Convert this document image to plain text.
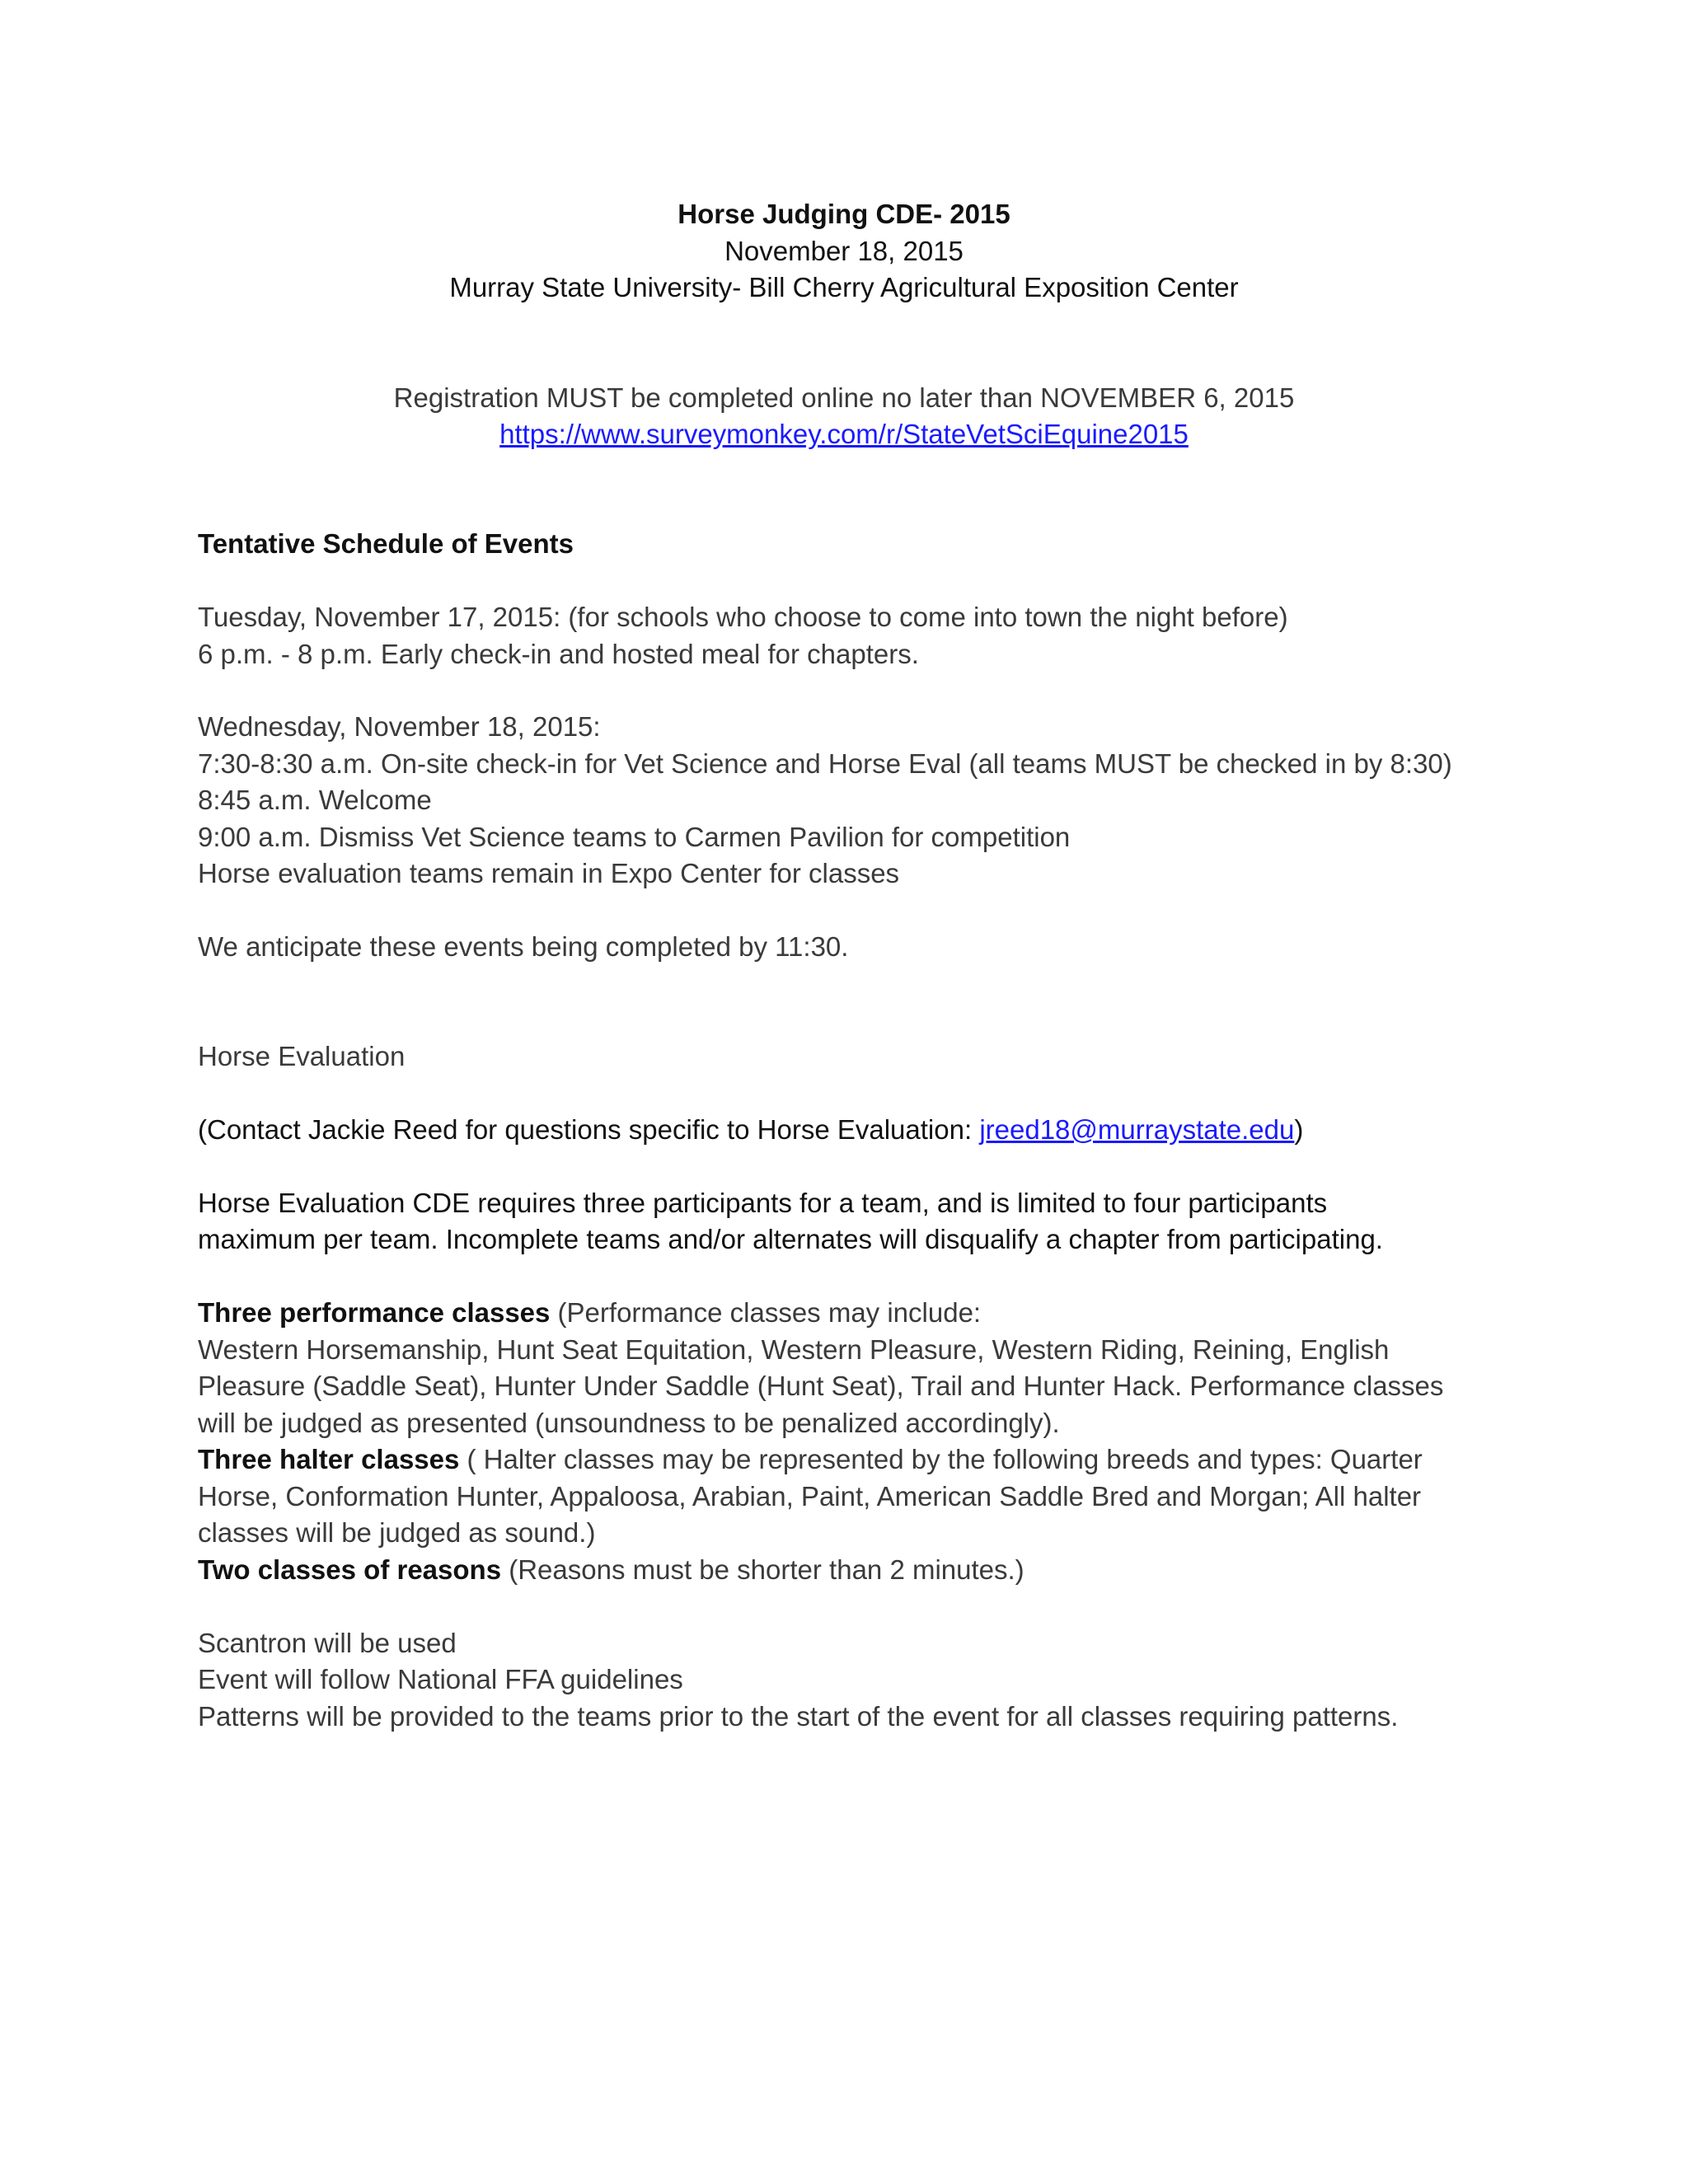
Horse Judging CDE- 2015
November 18, 2015
Murray State University- Bill Cherry Agricultural Exposition Center
Registration MUST be completed online no later than NOVEMBER 6, 2015
https://www.surveymonkey.com/r/StateVetSciEquine2015
Tentative Schedule of Events
Tuesday, November 17, 2015: (for schools who choose to come into town the night before)
6 p.m. - 8 p.m. Early check-in and hosted meal for chapters.
Wednesday, November 18, 2015:
7:30-8:30 a.m. On-site check-in for Vet Science and Horse Eval (all teams MUST be checked in by 8:30)
8:45 a.m. Welcome
9:00 a.m. Dismiss Vet Science teams to Carmen Pavilion for competition
Horse evaluation teams remain in Expo Center for classes
We anticipate these events being completed by 11:30.
Horse Evaluation
(Contact Jackie Reed for questions specific to Horse Evaluation: jreed18@murraystate.edu)
Horse Evaluation CDE requires three participants for a team, and is limited to four participants
maximum per team. Incomplete teams and/or alternates will disqualify a chapter from participating.
Three performance classes (Performance classes may include:
Western Horsemanship, Hunt Seat Equitation, Western Pleasure, Western Riding, Reining, English
Pleasure (Saddle Seat), Hunter Under Saddle (Hunt Seat), Trail and Hunter Hack. Performance classes
will be judged as presented (unsoundness to be penalized accordingly).
Three halter classes ( Halter classes may be represented by the following breeds and types: Quarter
Horse, Conformation Hunter, Appaloosa, Arabian, Paint, American Saddle Bred and Morgan; All halter
classes will be judged as sound.)
Two classes of reasons (Reasons must be shorter than 2 minutes.)
Scantron will be used
Event will follow National FFA guidelines
Patterns will be provided to the teams prior to the start of the event for all classes requiring patterns.
